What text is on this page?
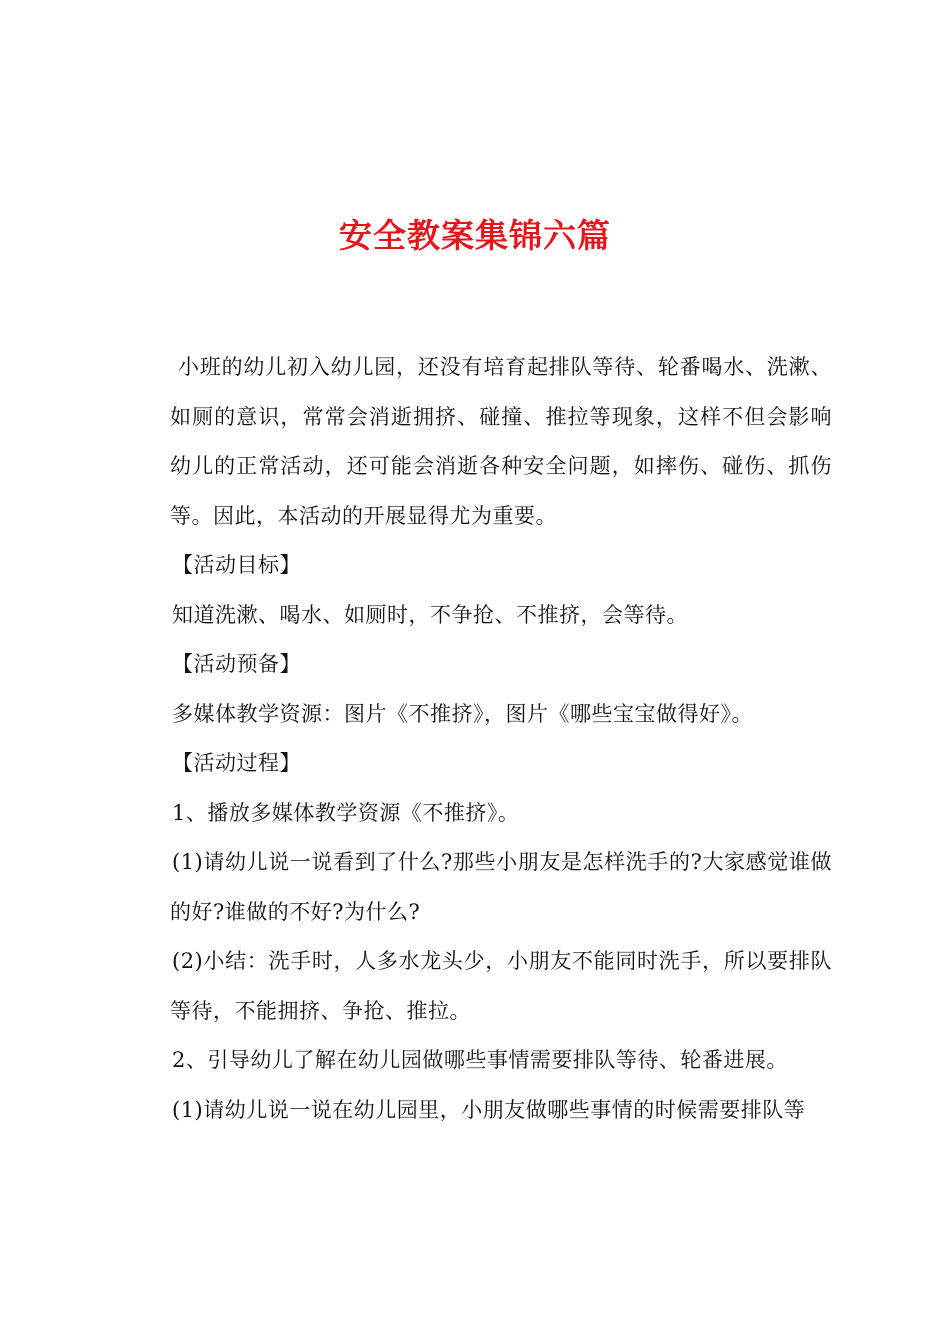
安全教案集锦六篇

小班的幼儿初入幼儿园，还没有培育起排队等待、轮番喝水、洗漱、如厕的意识，常常会消逝拥挤、碰撞、推拉等现象，这样不但会影响幼儿的正常活动，还可能会消逝各种安全问题，如摔伤、碰伤、抓伤等。因此，本活动的开展显得尤为重要。

【活动目标】

知道洗漱、喝水、如厕时，不争抢、不推挤，会等待。

【活动预备】

多媒体教学资源：图片《不推挤》，图片《哪些宝宝做得好》。

【活动过程】

1、播放多媒体教学资源《不推挤》。

(1)请幼儿说一说看到了什么?那些小朋友是怎样洗手的?大家感觉谁做的好?谁做的不好?为什么?

(2)小结：洗手时，人多水龙头少，小朋友不能同时洗手，所以要排队等待，不能拥挤、争抢、推拉。

2、引导幼儿了解在幼儿园做哪些事情需要排队等待、轮番进展。

(1)请幼儿说一说在幼儿园里，小朋友做哪些事情的时候需要排队等
